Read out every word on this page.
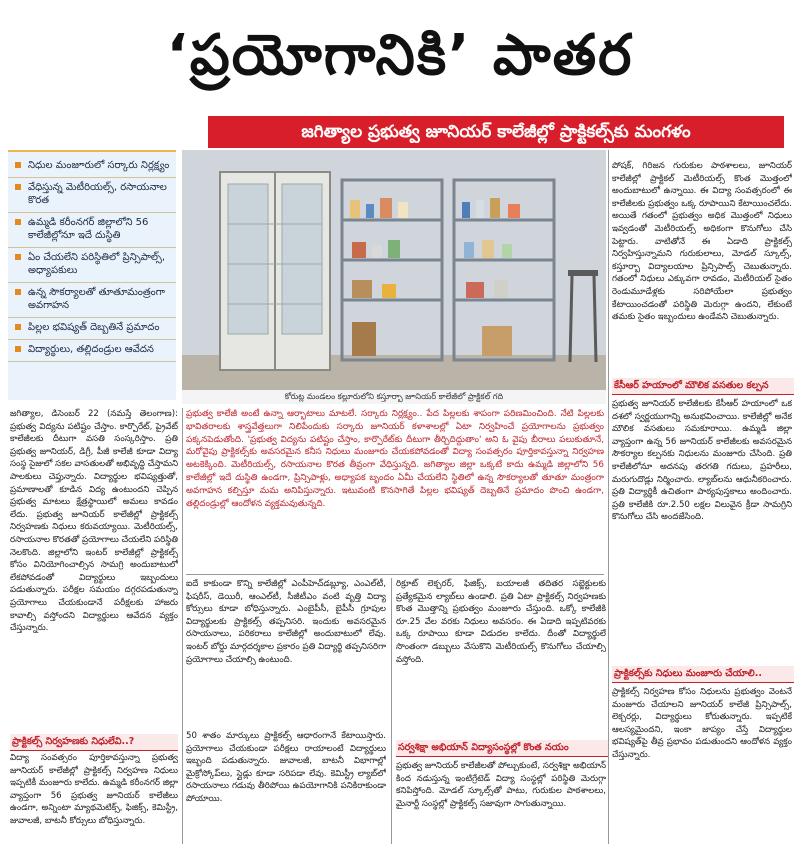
‘ప్రయోగానికి’ పాతర
జగిత్యాల ప్రభుత్వ జూనియర్ కాలేజీల్లో ప్రాక్టికల్స్‌కు మంగళం
నిధుల మంజూరులో సర్కారు నిర్లక్ష్యం
వేధిస్తున్న మెటీరియల్స్, రసాయనాల కొరత
ఉమ్మడి కరీంనగర్ జిల్లాలోని 56 కాలేజీల్లోనూ ఇదే దుస్థితి
ఏం చేయలేని పరిస్థితిలో ప్రిన్సిపాల్స్, అధ్యాపకులు
ఉన్న సౌకర్యాలతో తూతూమంత్రంగా అవగాహన
పిల్లల భవిష్యత్ దెబ్బతినే ప్రమాదం
విద్యార్థులు, తల్లిదండ్రుల ఆవేదన
కోరుట్ల మండలం కల్లూరులోని కస్తూర్బా జూనియర్ కాలేజీలో ప్రాక్టికల్ గది

జగిత్యాల, డిసెంబర్ 22 (నమస్తే తెలంగాణ): ప్రభుత్వ విద్యను పటిష్టం చేస్తాం. కార్పొరేట్, ప్రైవేట్ కాలేజీలకు దీటుగా వసతి సంస్కరిస్తాం. ప్రతి ప్రభుత్వ జూనియర్, డిగ్రీ, పీజీ కాలేజీ కూడా విద్యా సంస్థ సైజులో సకల వాసతులతో అభివృద్ధి చేస్తామని పాలకులు చెప్తున్నారు. విద్యార్థుల భవిష్యత్తుతో, ప్రమాణాలతో కూడిన విద్య ఉంటుందని చెప్పిన ప్రభుత్వ మాటలు క్షేత్రస్థాయిలో అమలు కావడం లేదు. ప్రభుత్వ జూనియర్ కాలేజీల్లో ప్రాక్టికల్స్ నిర్వహణకు నిధులు కరువయ్యాయి. మెటీరియల్స్, రసాయనాల కొరతతో ప్రయోగాలు చేయలేని పరిస్థితి నెలకొంది. జిల్లాలోని ఇంటర్ కాలేజీల్లో ప్రాక్టికల్స్ కోసం వినియోగించాల్సిన సామగ్రి అందుబాటులో లేకపోవడంతో విద్యార్థులు ఇబ్బందులు పడుతున్నారు. పరీక్షల సమయం దగ్గరపడుతున్నా ప్రయోగాలు చేయకుండానే పరీక్షలకు హాజరు కావాల్సి వస్తోందని విద్యార్థులు ఆవేదన వ్యక్తం చేస్తున్నారు.

ప్రాక్టికల్స్ నిర్వహణకు నిధులేవి..?

విద్యా సంవత్సరం పూర్తికావస్తున్నా ప్రభుత్వ జూనియర్ కాలేజీల్లో ప్రాక్టికల్స్ నిర్వహణ నిధులు ఇప్పటికీ మంజూరు కాలేదు. ఉమ్మడి కరీంనగర్ జిల్లా వ్యాప్తంగా 56 ప్రభుత్వ జూనియర్ కాలేజీలు ఉండగా, అన్నింటా మ్యాథమెటిక్స్, ఫిజిక్స్, కెమిస్ట్రీ, జువాలజీ, బాటనీ కోర్సులు బోధిస్తున్నారు.

ప్రభుత్వ కాలేజీ అంటే ఉన్నా ఆర్భాటాలు మాటలే. సర్కారు నిర్లక్ష్యం.. పేద పిల్లలకు శాపంగా పరిణమించింది. నేటి పిల్లలకు భావితరాలకు శాస్త్రవేత్తలుగా నిలిపేందుకు సర్కారు జూనియర్ కళాశాలల్లో ఏటా నిర్వహించే ప్రయోగాలను ప్రభుత్వం పక్కనపెడుతోంది. 'ప్రభుత్వ విద్యను పటిష్టం చేస్తాం, కార్పొరేట్‌కు దీటుగా తీర్చిదిద్దుతాం' అని ఓ వైపు బీరాలు పలుకుతూనే, మరోవైపు ప్రాక్టికల్స్‌కు అవసరమైన కనీస నిధులు మంజూరు చేయకపోవడంతో విద్యా సంవత్సరం పూర్తికావస్తున్నా నిర్వహణ అటకెక్కింది. మెటీరియల్స్, రసాయనాల కొరత తీవ్రంగా వేధిస్తున్నది. జగిత్యాల జిల్లా ఒక్కటే కాదు ఉమ్మడి జిల్లాలోని 56 కాలేజీల్లో ఇదే దుస్థితి ఉండగా, ప్రిన్సిపాళ్లు, అధ్యాపక బృందం ఏమీ చేయలేని స్థితిలో ఉన్న సౌకర్యాలతో తూతూ మంత్రంగా అవగాహన కల్పిస్తూ మమ అనిపిస్తున్నారు. ఇటువంటి కొనసాగితే పిల్లల భవిష్యత్ దెబ్బతినే ప్రమాదం పొంచి ఉండగా, తల్లిదండ్రుల్లో ఆందోళన వ్యక్తమవుతున్నది.

ఐదే కాకుండా కొన్ని కాలేజీల్లో ఎంపీహెచ్‌డబ్ల్యూ, ఎంఎల్‌టీ, ఫిషరీస్, డెయిరీ, ఆంఎల్‌టీ, సీజీటీఎం వంటి వృత్తి విద్యా కోర్సులు కూడా బోధిస్తున్నారు. ఎంబైపీసీ, బైపీసీ గ్రూపుల విద్యార్థులకు ప్రాక్టికల్స్ తప్పనిసరి. ఇందుకు అవసరమైన రసాయనాలు, పరికరాలు కాలేజీల్లో అందుబాటులో లేవు. ఇంటర్ బోర్డు మార్గదర్శకాల ప్రకారం ప్రతి విద్యార్థి తప్పనిసరిగా ప్రయోగాలు చేయాల్సి ఉంటుంది.

50 శాతం మార్కులు ప్రాక్టికల్స్ ఆధారంగానే కేటాయిస్తారు. ప్రయోగాలు చేయకుండా పరీక్షలు రాయాలంటే విద్యార్థులు ఇబ్బంది పడుతున్నారు. జువాలజీ, బాటనీ విభాగాల్లో మైక్రోస్కోప్‌లు, స్లైడ్లు కూడా సరిపడా లేవు. కెమిస్ట్రీ ల్యాబ్‌లో రసాయనాలు గడువు తీరిపోయి ఉపయోగానికి పనికిరాకుండా పోయాయి.

రిక్రూట్ లెక్చరర్, ఫిజిక్స్, బయాలజీ తదితర సబ్జెక్టులకు ప్రత్యేకమైన ల్యాబ్‌లు ఉండాలి. ప్రతి ఏటా ప్రాక్టికల్స్ నిర్వహణకు కొంత మొత్తాన్ని ప్రభుత్వం మంజూరు చేస్తుంది. ఒక్కో కాలేజీకి రూ.25 వేల వరకు నిధులు అవసరం. ఈ ఏడాది ఇప్పటివరకు ఒక్క రూపాయి కూడా విడుదల కాలేదు. దీంతో విద్యార్థులే సొంతంగా డబ్బులు వేసుకొని మెటీరియల్స్ కొనుగోలు చేయాల్సి వస్తోంది.

సర్వశిక్షా అభియాన్ విద్యాసంస్థల్లో కొంత నయం

ప్రభుత్వ జూనియర్ కాలేజీలతో పోల్చుకుంటే, సర్వశిక్షా అభియాన్ కింద నడుస్తున్న ఇంటిగ్రేటెడ్ విద్యా సంస్థల్లో పరిస్థితి మెరుగ్గా కనిపిస్తోంది. మోడల్ స్కూల్స్‌తో పాటు, గురుకుల పాఠశాలలు, మైనార్టీ సంస్థల్లో ప్రాక్టికల్స్ సజావుగా సాగుతున్నాయి.

పోషక్, గిరిజన గురుకుల పాఠశాలలు, జూనియర్ కాలేజీల్లో ప్రాక్టికల్ మెటీరియల్స్ కొంత మొత్తంలో అందుబాటులో ఉన్నాయి. ఈ విద్యా సంవత్సరంలో ఈ కాలేజీలకు ప్రభుత్వం ఒక్క రూపాయిని కేటాయించలేదు. అయితే గతంలో ప్రభుత్వం అధిక మొత్తంలో నిధులు ఇవ్వడంతో మెటీరియల్స్ అధికంగా కొనుగోలు చేసి పెట్టారు. వాటితోనే ఈ ఏడాది ప్రాక్టికల్స్ నిర్వహిస్తున్నామని గురుకులాలు, మోడల్ స్కూల్స్, కస్తూర్బా విద్యాలయాల ప్రిన్సిపాల్స్ చెబుతున్నారు. గతంలో నిధులు ఎక్కువగా రావడం, మెటీరియల్ సైతం రెండుమూడేళ్లకు సరిపోయేలా ప్రభుత్వం కేటాయించడంతో పరిస్థితి మెరుగ్గా ఉందని, లేకుంటే తమకు సైతం ఇబ్బందులు ఉండేవని చెబుతున్నారు.

కేసీఆర్ హయాంలో మౌలిక వసతుల కల్పన

ప్రభుత్వ జూనియర్ కాలేజీలకు కేసీఆర్ హయాంలో ఒక దశలో స్వర్ణయుగాన్ని అనుభవించాయి. కాలేజీల్లో అనేక మౌలిక వసతులు సమకూరాయి. ఉమ్మడి జిల్లా వ్యాప్తంగా ఉన్న 56 జూనియర్ కాలేజీలకు అవసరమైన సౌకర్యాల కల్పనకు నిధులను మంజూరు చేసింది. ప్రతి కాలేజీలోనూ అదనపు తరగతి గదులు, ప్రహరీలు, మరుగుదొడ్లు నిర్మించారు. ల్యాబ్‌లను ఆధునీకరించారు. ప్రతి విద్యార్థికీ ఉచితంగా పాఠ్యపుస్తకాలు అందించారు. ప్రతి కాలేజీకి రూ.2.50 లక్షల విలువైన క్రీడా సామగ్రిని కొనుగోలు చేసి అందజేసింది.

ప్రాక్టికల్స్‌కు నిధులు మంజూరు చేయాలి..

ప్రాక్టికల్స్ నిర్వహణ కోసం నిధులను ప్రభుత్వం వెంటనే మంజూరు చేయాలని జూనియర్ కాలేజీ ప్రిన్సిపాల్స్, లెక్చరర్లు, విద్యార్థులు కోరుతున్నారు. ఇప్పటికే ఆలస్యమైందని, ఇంకా జాప్యం చేస్తే విద్యార్థుల భవిష్యత్‌పై తీవ్ర ప్రభావం పడుతుందని ఆందోళన వ్యక్తం చేస్తున్నారు.
